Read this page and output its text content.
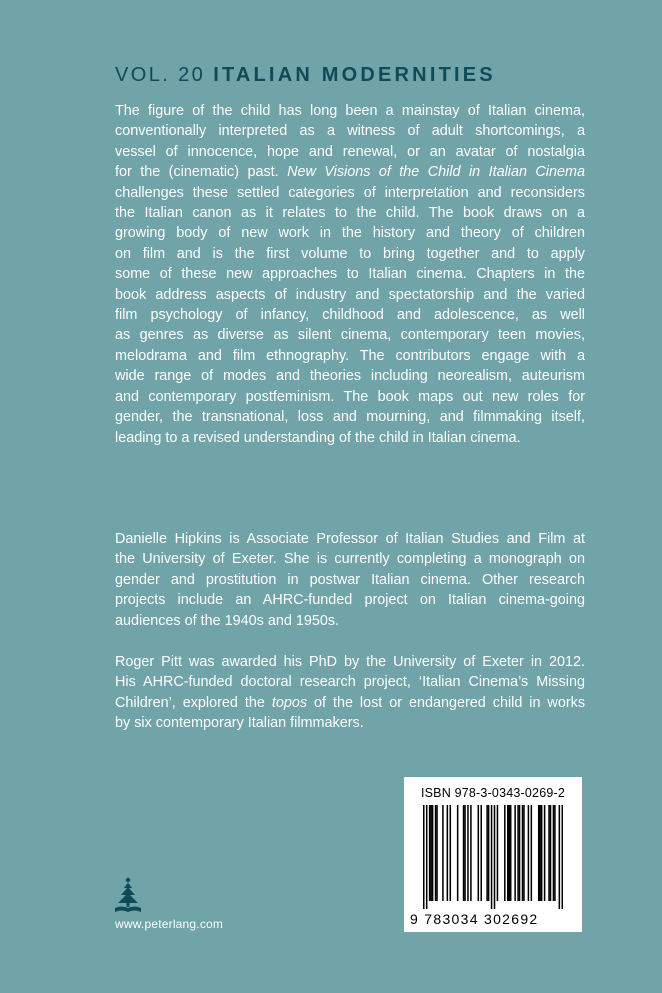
VOL. 20 ITALIAN MODERNITIES

The figure of the child has long been a mainstay of Italian cinema,
conventionally interpreted as a witness of adult shortcomings, a
vessel of innocence, hope and renewal, or an avatar of nostalgia
for the (cinematic) past. New Visions of the Child in Italian Cinema
challenges these settled categories of interpretation and reconsiders
the Italian canon as it relates to the child. The book draws on a
growing body of new work in the history and theory of children
on film and is the first volume to bring together and to apply
some of these new approaches to Italian cinema. Chapters in the
book address aspects of industry and spectatorship and the varied
film psychology of infancy, childhood and adolescence, as well
as genres as diverse as silent cinema, contemporary teen movies,
melodrama and film ethnography. The contributors engage with a
wide range of modes and theories including neorealism, auteurism
and contemporary postfeminism. The book maps out new roles for
gender, the transnational, loss and mourning, and filmmaking itself,
leading to a revised understanding of the child in Italian cinema.

Danielle Hipkins is Associate Professor of Italian Studies and Film at
the University of Exeter. She is currently completing a monograph on
gender and prostitution in postwar Italian cinema. Other research
projects include an AHRC-funded project on Italian cinema-going
audiences of the 1940s and 1950s.

Roger Pitt was awarded his PhD by the University of Exeter in 2012.
His AHRC-funded doctoral research project, ‘Italian Cinema’s Missing
Children’, explored the topos of the lost or endangered child in works
by six contemporary Italian filmmakers.

ISBN 978-3-0343-0269-2
9 783034 302692
www.peterlang.com
